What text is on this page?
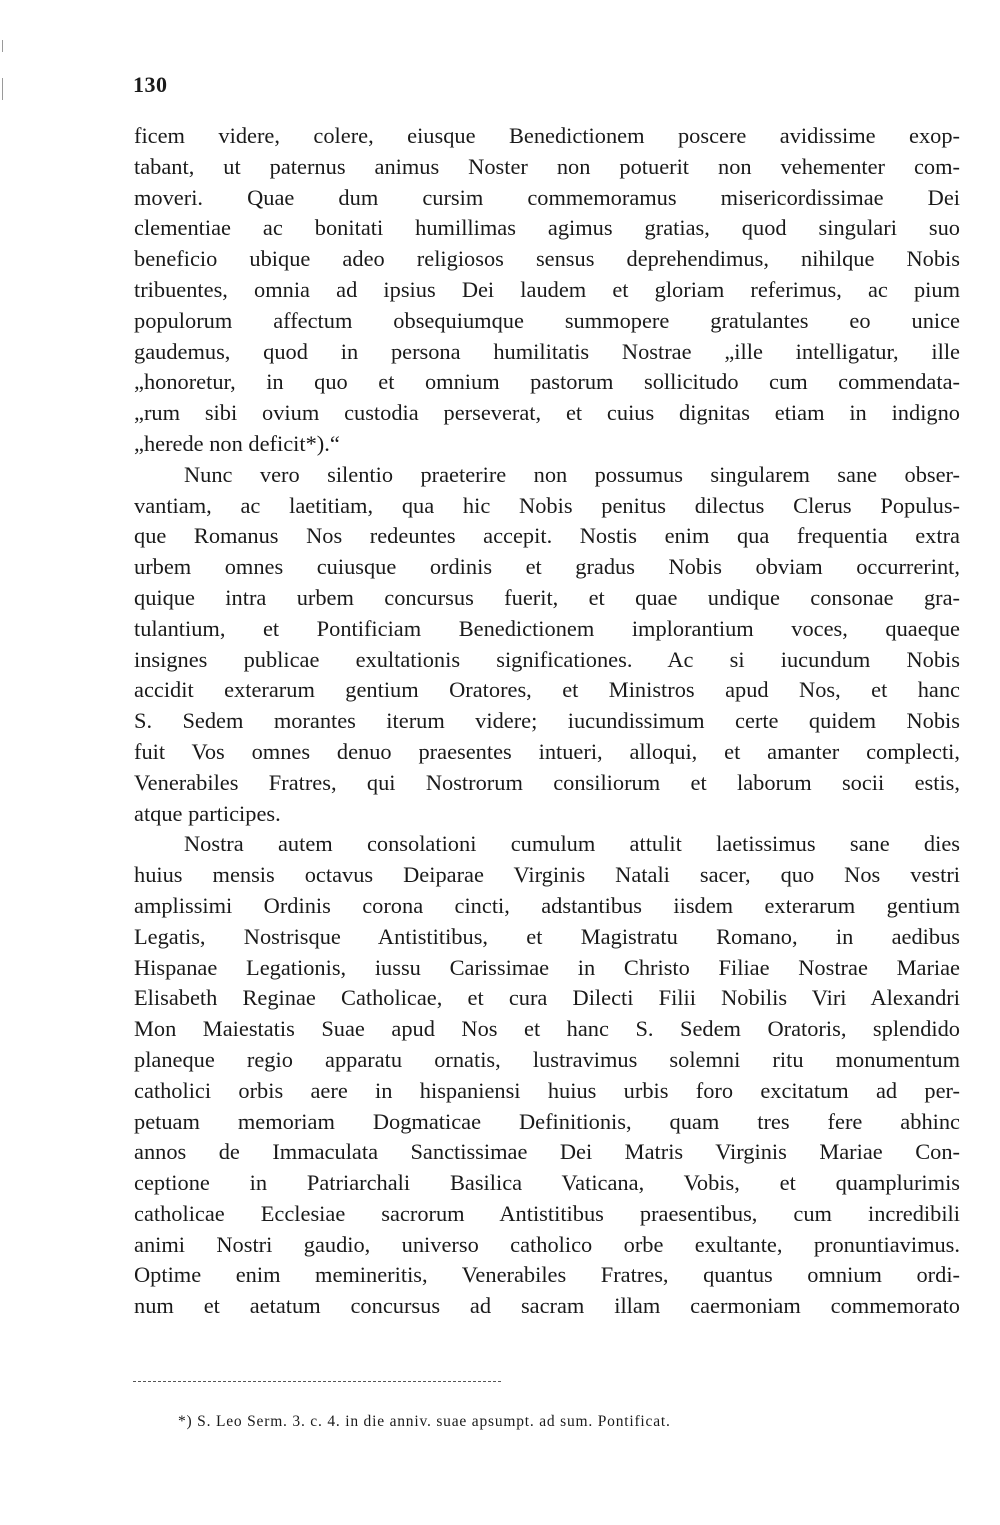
130
ficem videre, colere, eiusque Benedictionem poscere avidissime exop-
tabant, ut paternus animus Noster non potuerit non vehementer com-
moveri. Quae dum cursim commemoramus misericordissimae Dei
clementiae ac bonitati humillimas agimus gratias, quod singulari suo
beneficio ubique adeo religiosos sensus deprehendimus, nihilque Nobis
tribuentes, omnia ad ipsius Dei laudem et gloriam referimus, ac pium
populorum affectum obsequiumque summopere gratulantes eo unice
gaudemus, quod in persona humilitatis Nostrae „ille intelligatur, ille
„honoretur, in quo et omnium pastorum sollicitudo cum commendata-
„rum sibi ovium custodia perseverat, et cuius dignitas etiam in indigno
„herede non deficit*).“
Nunc vero silentio praeterire non possumus singularem sane obser-
vantiam, ac laetitiam, qua hic Nobis penitus dilectus Clerus Populus-
que Romanus Nos redeuntes accepit. Nostis enim qua frequentia extra
urbem omnes cuiusque ordinis et gradus Nobis obviam occurrerint,
quique intra urbem concursus fuerit, et quae undique consonae gra-
tulantium, et Pontificiam Benedictionem implorantium voces, quaeque
insignes publicae exultationis significationes. Ac si iucundum Nobis
accidit exterarum gentium Oratores, et Ministros apud Nos, et hanc
S. Sedem morantes iterum videre; iucundissimum certe quidem Nobis
fuit Vos omnes denuo praesentes intueri, alloqui, et amanter complecti,
Venerabiles Fratres, qui Nostrorum consiliorum et laborum socii estis,
atque participes.
Nostra autem consolationi cumulum attulit laetissimus sane dies
huius mensis octavus Deiparae Virginis Natali sacer, quo Nos vestri
amplissimi Ordinis corona cincti, adstantibus iisdem exterarum gentium
Legatis, Nostrisque Antistitibus, et Magistratu Romano, in aedibus
Hispanae Legationis, iussu Carissimae in Christo Filiae Nostrae Mariae
Elisabeth Reginae Catholicae, et cura Dilecti Filii Nobilis Viri Alexandri
Mon Maiestatis Suae apud Nos et hanc S. Sedem Oratoris, splendido
planeque regio apparatu ornatis, lustravimus solemni ritu monumentum
catholici orbis aere in hispaniensi huius urbis foro excitatum ad per-
petuam memoriam Dogmaticae Definitionis, quam tres fere abhinc
annos de Immaculata Sanctissimae Dei Matris Virginis Mariae Con-
ceptione in Patriarchali Basilica Vaticana, Vobis, et quamplurimis
catholicae Ecclesiae sacrorum Antistitibus praesentibus, cum incredibili
animi Nostri gaudio, universo catholico orbe exultante, pronuntiavimus.
Optime enim memineritis, Venerabiles Fratres, quantus omnium ordi-
num et aetatum concursus ad sacram illam caermoniam commemorato
*) S. Leo Serm. 3. c. 4. in die anniv. suae apsumpt. ad sum. Pontificat.
